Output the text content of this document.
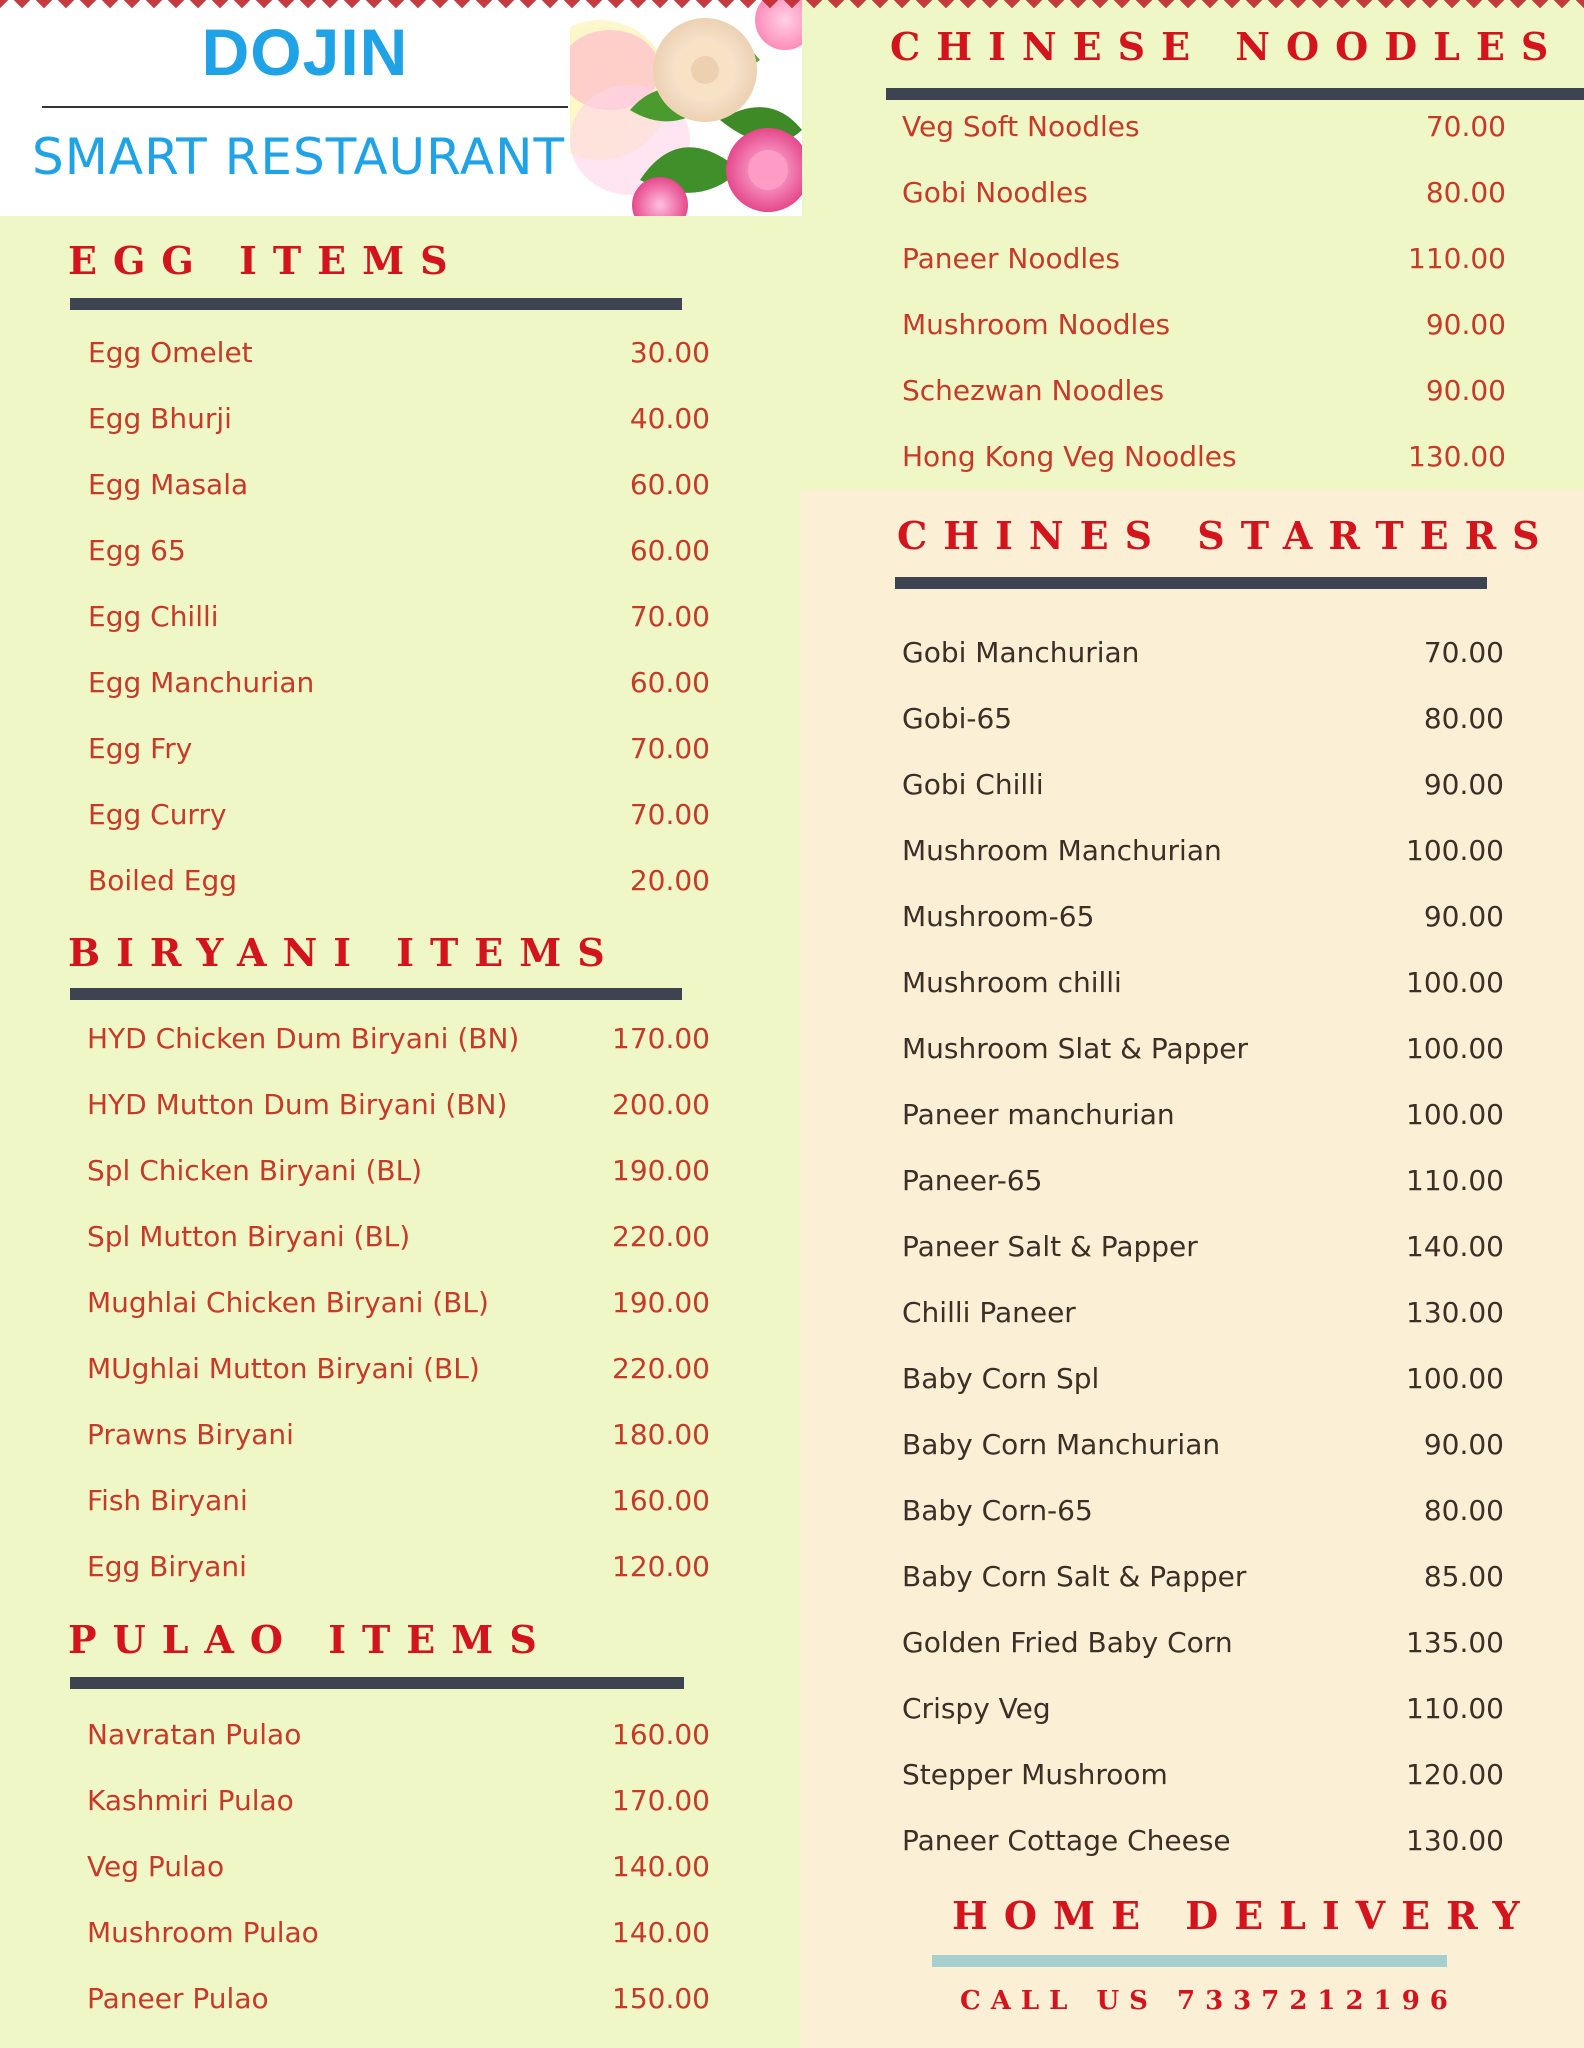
DOJIN
SMART RESTAURANT
EGG ITEMS
Egg Omelet	30.00
Egg Bhurji	40.00
Egg Masala	60.00
Egg 65	60.00
Egg Chilli	70.00
Egg Manchurian	60.00
Egg Fry	70.00
Egg Curry	70.00
Boiled Egg	20.00
BIRYANI ITEMS
HYD Chicken Dum Biryani (BN)	170.00
HYD Mutton Dum Biryani (BN)	200.00
Spl Chicken Biryani (BL)	190.00
Spl Mutton Biryani (BL)	220.00
Mughlai Chicken Biryani (BL)	190.00
MUghlai Mutton Biryani (BL)	220.00
Prawns Biryani	180.00
Fish Biryani	160.00
Egg Biryani	120.00
PULAO ITEMS
Navratan Pulao	160.00
Kashmiri Pulao	170.00
Veg Pulao	140.00
Mushroom Pulao	140.00
Paneer Pulao	150.00
CHINESE NOODLES
Veg Soft Noodles	70.00
Gobi Noodles	80.00
Paneer Noodles	110.00
Mushroom Noodles	90.00
Schezwan Noodles	90.00
Hong Kong Veg Noodles	130.00
CHINES STARTERS
Gobi Manchurian	70.00
Gobi-65	80.00
Gobi Chilli	90.00
Mushroom Manchurian	100.00
Mushroom-65	90.00
Mushroom chilli	100.00
Mushroom Slat & Papper	100.00
Paneer manchurian	100.00
Paneer-65	110.00
Paneer Salt & Papper	140.00
Chilli Paneer	130.00
Baby Corn Spl	100.00
Baby Corn Manchurian	90.00
Baby Corn-65	80.00
Baby Corn Salt & Papper	85.00
Golden Fried Baby Corn	135.00
Crispy Veg	110.00
Stepper Mushroom	120.00
Paneer Cottage Cheese	130.00
HOME DELIVERY
CALL US 7337212196
